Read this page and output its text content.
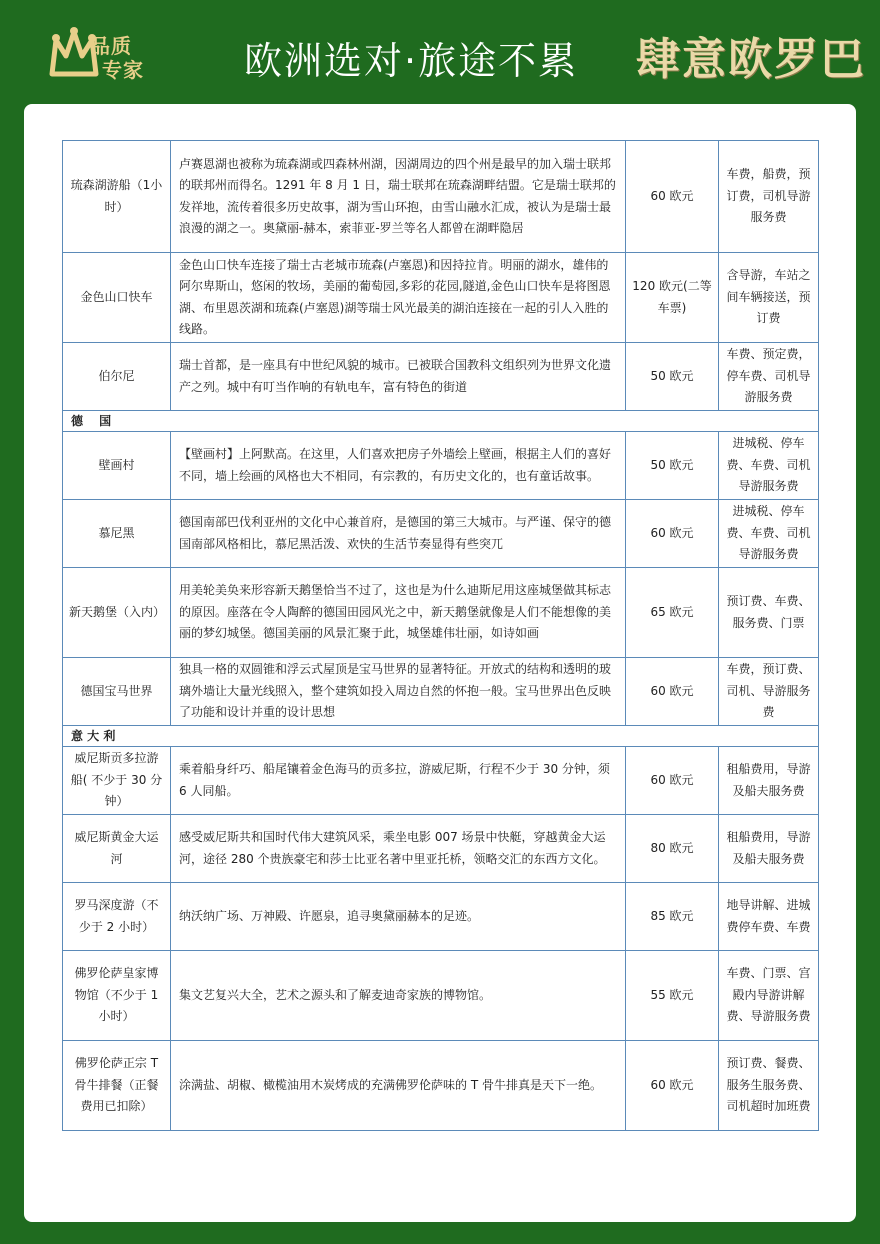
品质
专家	欧洲选对·旅途不累 肆意欧罗巴
琉森湖游船（1小时）	卢赛恩湖也被称为琉森湖或四森林州湖，因湖周边的四个州是最早的加入瑞士联邦的联邦州而得名。1291 年 8 月 1 日，瑞士联邦在琉森湖畔结盟。它是瑞士联邦的发祥地，流传着很多历史故事，湖为雪山环抱，由雪山融水汇成，被认为是瑞士最浪漫的湖之一。奥黛丽-赫本，索菲亚-罗兰等名人都曾在湖畔隐居	60 欧元	车费，船费，预订费，司机导游服务费
金色山口快车	金色山口快车连接了瑞士古老城市琉森(卢塞恩)和因持拉肯。明丽的湖水，雄伟的阿尔卑斯山，悠闲的牧场，美丽的葡萄园,多彩的花园,隧道,金色山口快车是将图恩湖、布里恩茨湖和琉森(卢塞恩)湖等瑞士风光最美的湖泊连接在一起的引人入胜的线路。	120 欧元(二等车票)	含导游，车站之间车辆接送，预订费
伯尔尼	瑞士首都，是一座具有中世纪风貌的城市。已被联合国教科文组织列为世界文化遗产之列。城中有叮当作响的有轨电车，富有特色的街道	50 欧元	车费、预定费，停车费、司机导游服务费
德　 国			
壁画村	【壁画村】上阿默高。在这里，人们喜欢把房子外墙绘上壁画，根据主人们的喜好不同，墙上绘画的风格也大不相同，有宗教的，有历史文化的，也有童话故事。	50 欧元	进城税、停车费、车费、司机导游服务费
慕尼黑	德国南部巴伐利亚州的文化中心兼首府，是德国的第三大城市。与严谨、保守的德国南部风格相比，慕尼黑活泼、欢快的生活节奏显得有些突兀	60 欧元	进城税、停车费、车费、司机导游服务费
新天鹅堡（入内）	用美轮美奂来形容新天鹅堡恰当不过了，这也是为什么迪斯尼用这座城堡做其标志的原因。座落在令人陶醉的德国田园风光之中，新天鹅堡就像是人们不能想像的美丽的梦幻城堡。德国美丽的风景汇聚于此，城堡雄伟壮丽，如诗如画	65 欧元	预订费、车费、服务费、门票
德国宝马世界	独具一格的双圆锥和浮云式屋顶是宝马世界的显著特征。开放式的结构和透明的玻璃外墙让大量光线照入，整个建筑如投入周边自然的怀抱一般。宝马世界出色反映了功能和设计并重的设计思想	60 欧元	车费，预订费、司机、导游服务费
意 大 利			
威尼斯贡多拉游船( 不少于 30 分钟）	乘着船身纤巧、船尾镶着金色海马的贡多拉，游威尼斯，行程不少于 30 分钟，须 6 人同船。	60 欧元	租船费用，导游及船夫服务费
威尼斯黄金大运河	感受威尼斯共和国时代伟大建筑风采，乘坐电影 007 场景中快艇，穿越黄金大运河，途径 280 个贵族豪宅和莎士比亚名著中里亚托桥，领略交汇的东西方文化。	80 欧元	租船费用，导游及船夫服务费
罗马深度游（不少于 2 小时）	纳沃纳广场、万神殿、许愿泉，追寻奥黛丽赫本的足迹。	85 欧元	地导讲解、进城费停车费、车费
佛罗伦萨皇家博物馆（不少于 1 小时）	集文艺复兴大全，艺术之源头和了解麦迪奇家族的博物馆。	55 欧元	车费、门票、宫殿内导游讲解费、导游服务费
佛罗伦萨正宗 T 骨牛排餐（正餐费用已扣除）	涂满盐、胡椒、橄榄油用木炭烤成的充满佛罗伦萨味的 T 骨牛排真是天下一绝。	60 欧元	预订费、餐费、服务生服务费、司机超时加班费
